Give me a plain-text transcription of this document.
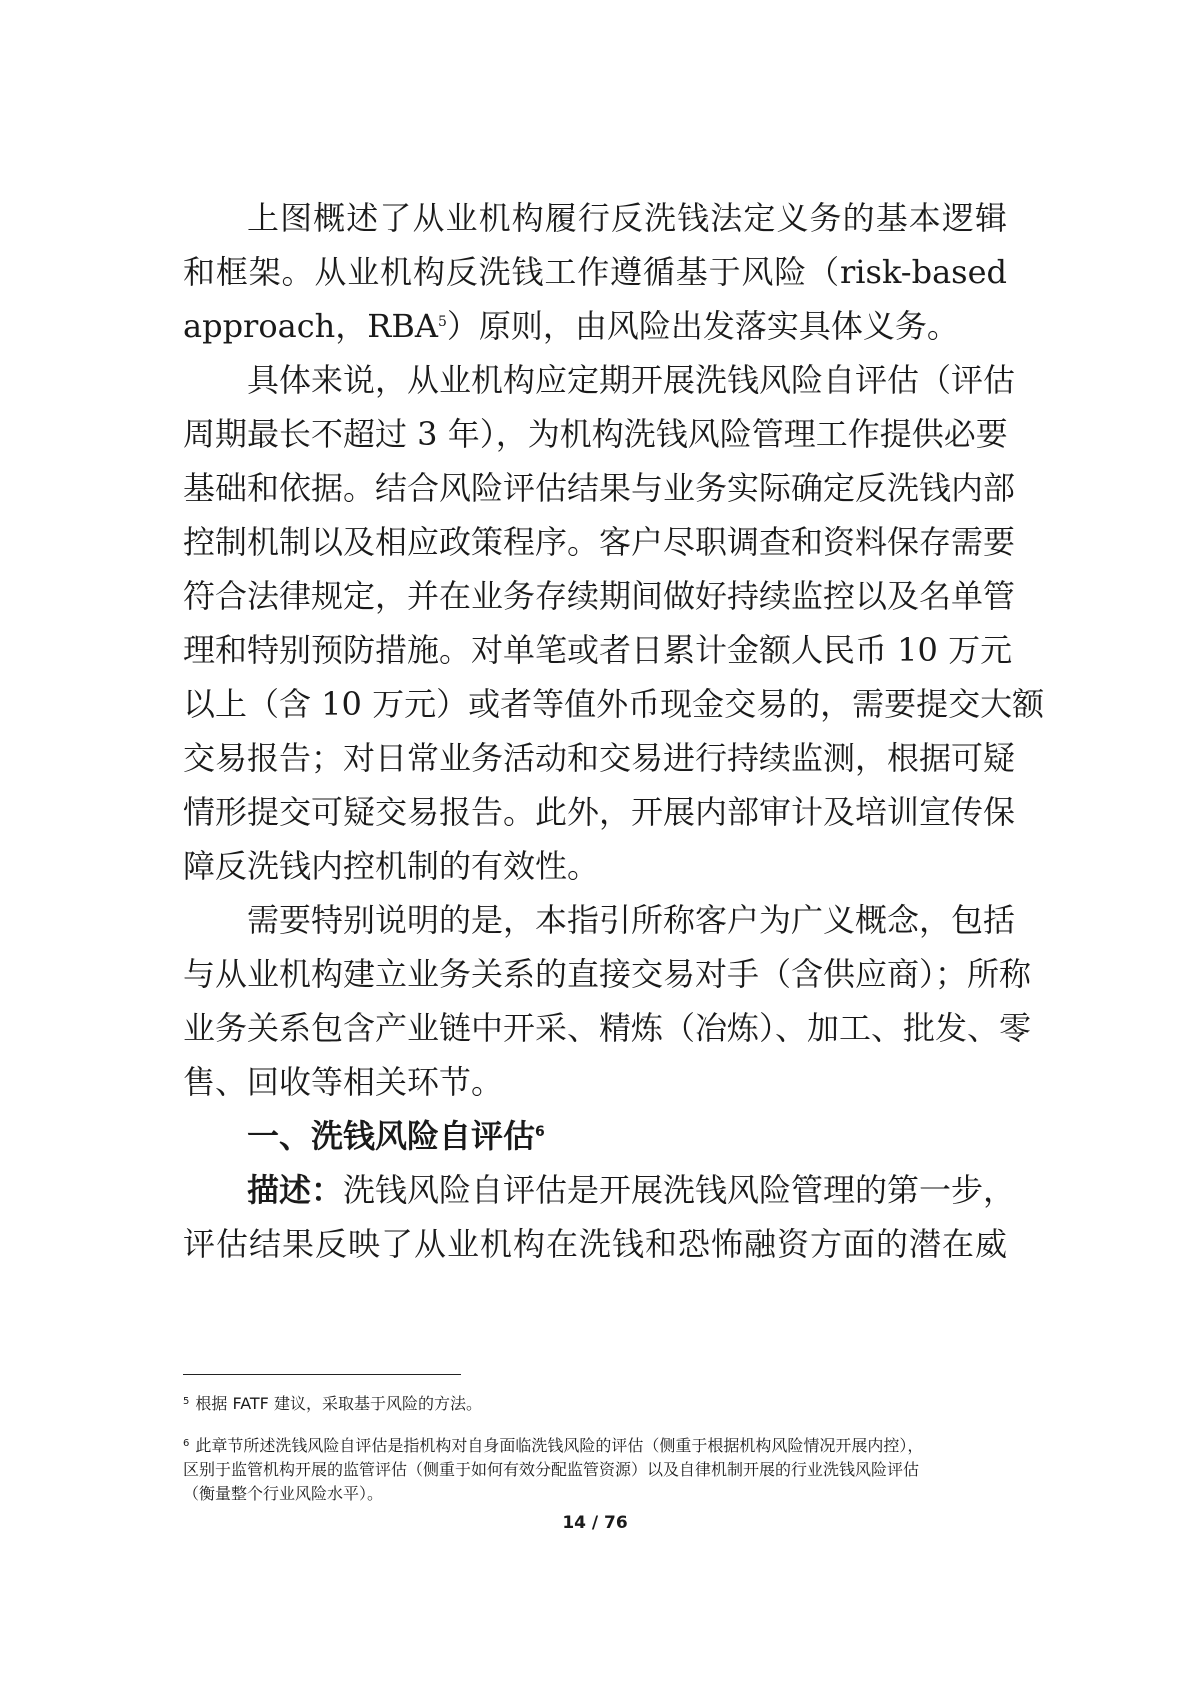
上图概述了从业机构履行反洗钱法定义务的基本逻辑
和框架。从业机构反洗钱工作遵循基于风险（risk-based
approach，RBA$^5$）原则，由风险出发落实具体义务。
具体来说，从业机构应定期开展洗钱风险自评估（评估
周期最长不超过 3 年），为机构洗钱风险管理工作提供必要
基础和依据。结合风险评估结果与业务实际确定反洗钱内部
控制机制以及相应政策程序。客户尽职调查和资料保存需要
符合法律规定，并在业务存续期间做好持续监控以及名单管
理和特别预防措施。对单笔或者日累计金额人民币 10 万元
以上（含 10 万元）或者等值外币现金交易的，需要提交大额
交易报告；对日常业务活动和交易进行持续监测，根据可疑
情形提交可疑交易报告。此外，开展内部审计及培训宣传保
障反洗钱内控机制的有效性。
需要特别说明的是，本指引所称客户为广义概念，包括
与从业机构建立业务关系的直接交易对手（含供应商）；所称
业务关系包含产业链中开采、精炼（冶炼）、加工、批发、零
售、回收等相关环节。
一、洗钱风险自评估$^6$
描述：洗钱风险自评估是开展洗钱风险管理的第一步，
评估结果反映了从业机构在洗钱和恐怖融资方面的潜在威
$^5$ 根据 FATF 建议，采取基于风险的方法。
$^6$ 此章节所述洗钱风险自评估是指机构对自身面临洗钱风险的评估（侧重于根据机构风险情况开展内控），
区别于监管机构开展的监管评估（侧重于如何有效分配监管资源）以及自律机制开展的行业洗钱风险评估
（衡量整个行业风险水平）。
14 / 76
